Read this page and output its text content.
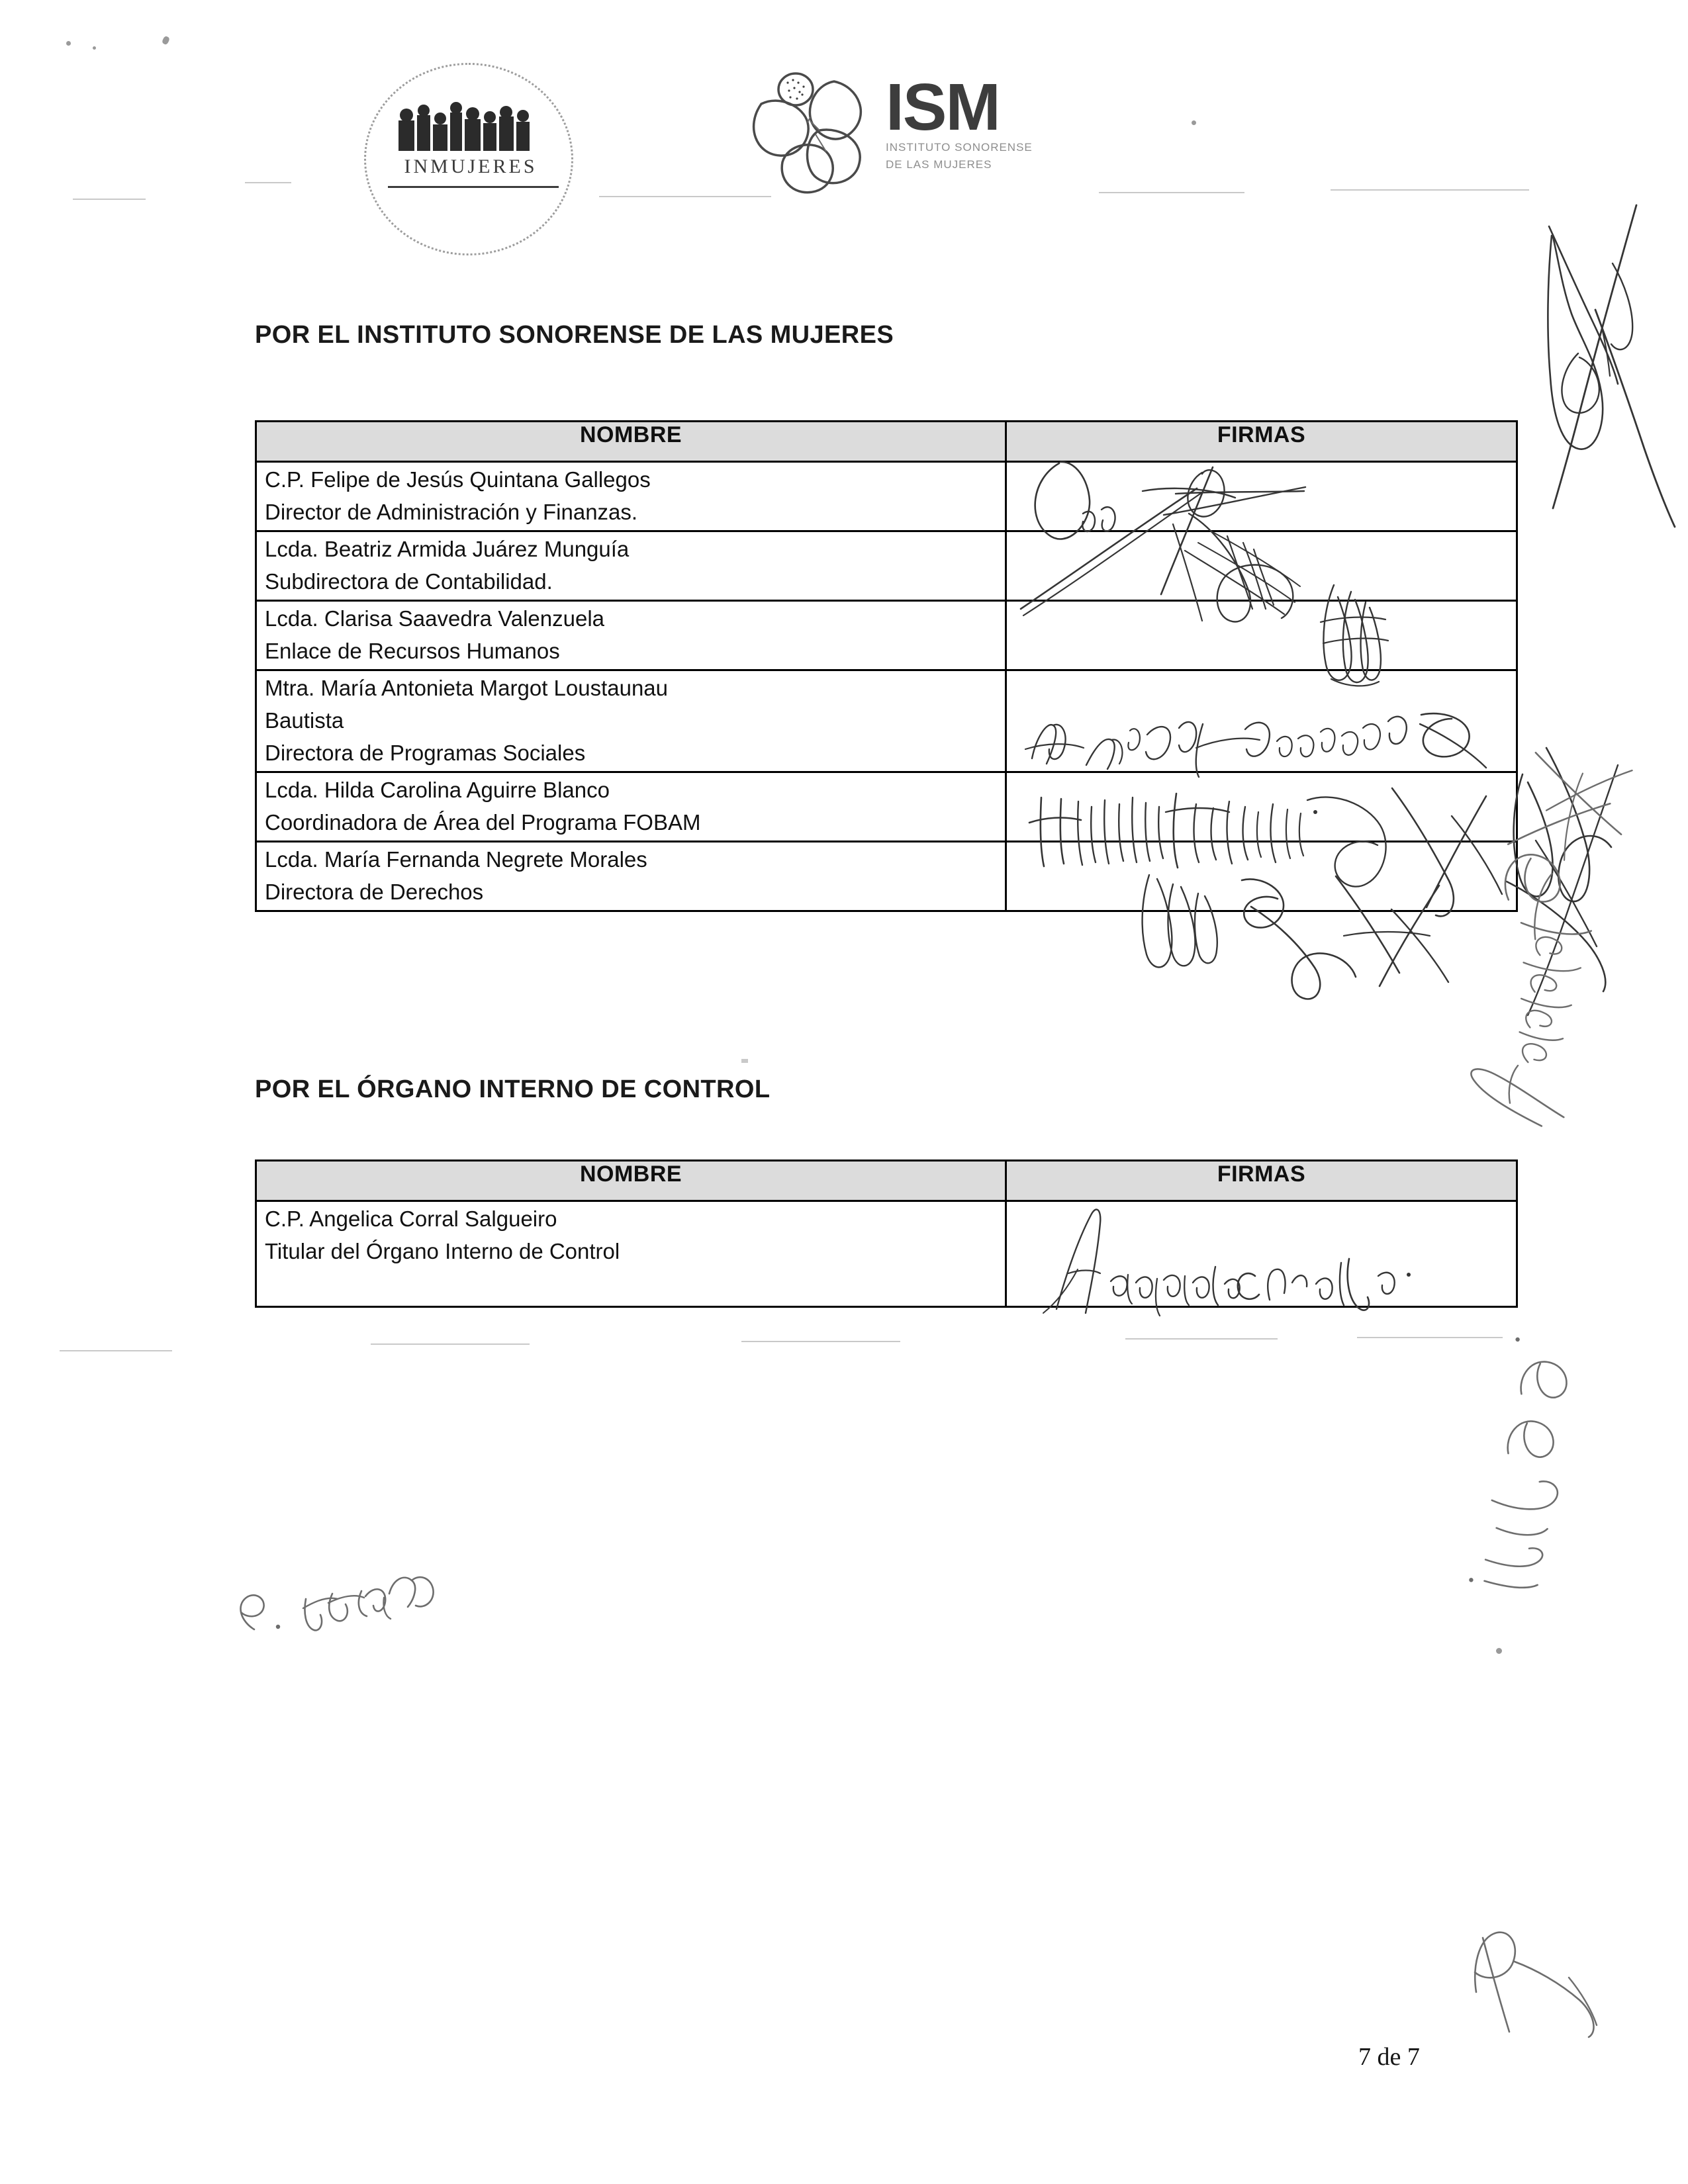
INMUJERES
ISM
INSTITUTO SONORENSE
DE LAS MUJERES
POR EL INSTITUTO SONORENSE DE LAS MUJERES
NOMBRE	FIRMAS

C.P. Felipe de Jesús Quintana Gallegos
Director de Administración y Finanzas.	

Lcda. Beatriz Armida Juárez Munguía
Subdirectora de Contabilidad.	

Lcda. Clarisa Saavedra Valenzuela
Enlace de Recursos Humanos	

Mtra. María Antonieta Margot Loustaunau
Bautista
Directora de Programas Sociales	

Lcda. Hilda Carolina Aguirre Blanco
Coordinadora de Área del Programa FOBAM	

Lcda. María Fernanda Negrete Morales
Directora de Derechos	

POR EL ÓRGANO INTERNO DE CONTROL
NOMBRE	FIRMAS

C.P. Angelica Corral Salgueiro
Titular del Órgano Interno de Control	

7 de 7
